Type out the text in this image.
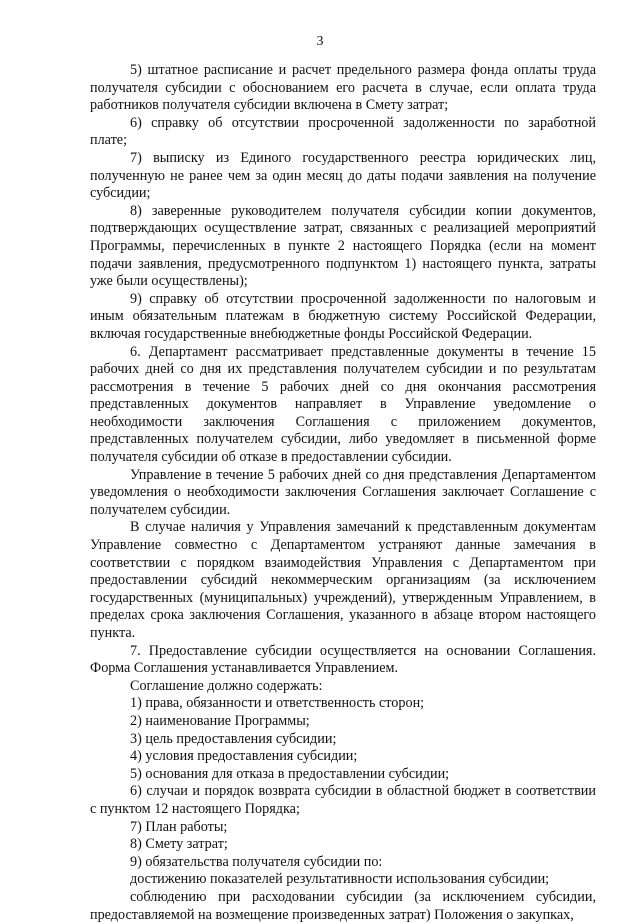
3

5) штатное расписание и расчет предельного размера фонда оплаты труда получателя субсидии с обоснованием его расчета в случае, если оплата труда работников получателя субсидии включена в Смету затрат;

6) справку об отсутствии просроченной задолженности по заработной плате;

7) выписку из Единого государственного реестра юридических лиц, полученную не ранее чем за один месяц до даты подачи заявления на получение субсидии;

8) заверенные руководителем получателя субсидии копии документов, подтверждающих осуществление затрат, связанных с реализацией мероприятий Программы, перечисленных в пункте 2 настоящего Порядка (если на момент подачи заявления, предусмотренного подпунктом 1) настоящего пункта, затраты уже были осуществлены);

9) справку об отсутствии просроченной задолженности по налоговым и иным обязательным платежам в бюджетную систему Российской Федерации, включая государственные внебюджетные фонды Российской Федерации.

6. Департамент рассматривает представленные документы в течение 15 рабочих дней со дня их представления получателем субсидии и по результатам рассмотрения в течение 5 рабочих дней со дня окончания рассмотрения представленных документов направляет в Управление уведомление о необходимости заключения Соглашения с приложением документов, представленных получателем субсидии, либо уведомляет в письменной форме получателя субсидии об отказе в предоставлении субсидии.

Управление в течение 5 рабочих дней со дня представления Департаментом уведомления о необходимости заключения Соглашения заключает Соглашение с получателем субсидии.

В случае наличия у Управления замечаний к представленным документам Управление совместно с Департаментом устраняют данные замечания в соответствии с порядком взаимодействия Управления с Департаментом при предоставлении субсидий некоммерческим организациям (за исключением государственных (муниципальных) учреждений), утвержденным Управлением, в пределах срока заключения Соглашения, указанного в абзаце втором настоящего пункта.

7. Предоставление субсидии осуществляется на основании Соглашения. Форма Соглашения устанавливается Управлением.

Соглашение должно содержать:

1) права, обязанности и ответственность сторон;

2) наименование Программы;

3) цель предоставления субсидии;

4) условия предоставления субсидии;

5) основания для отказа в предоставлении субсидии;

6) случаи и порядок возврата субсидии в областной бюджет в соответствии с пунктом 12 настоящего Порядка;

7) План работы;

8) Смету затрат;

9) обязательства получателя субсидии по:

достижению показателей результативности использования субсидии;

соблюдению при расходовании субсидии (за исключением субсидии, предоставляемой на возмещение произведенных затрат) Положения о закупках,
